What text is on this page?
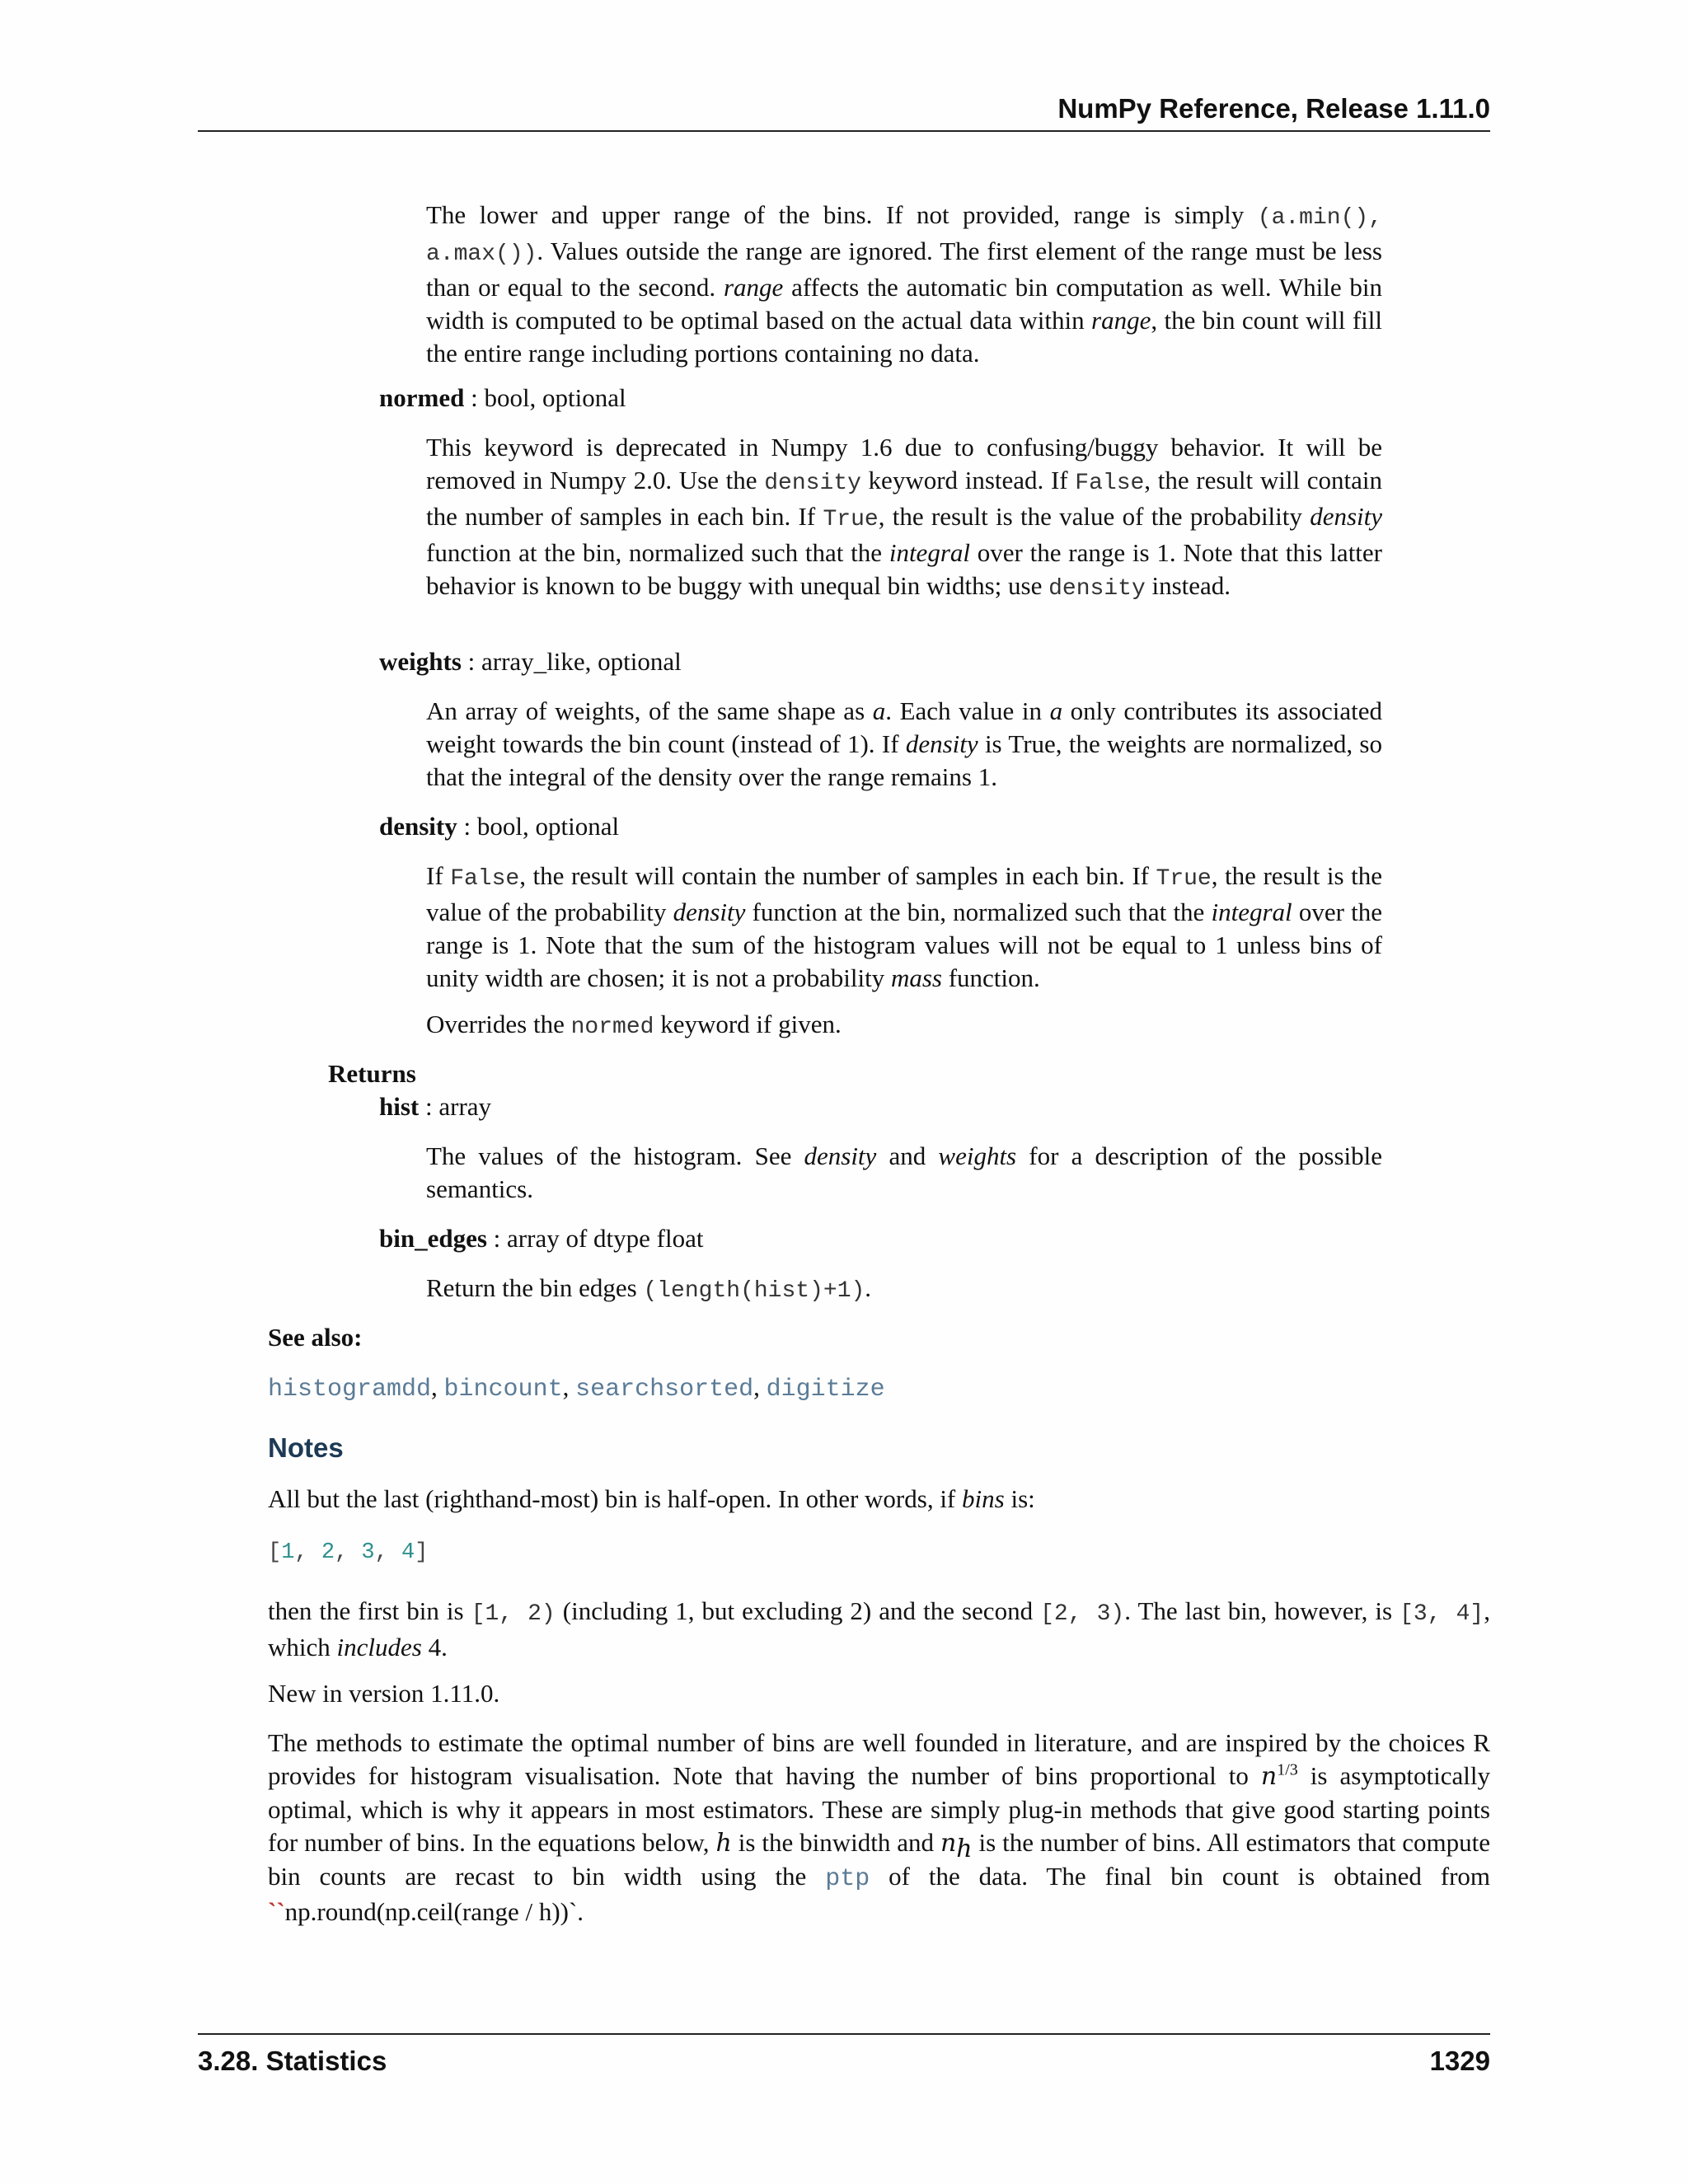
NumPy Reference, Release 1.11.0

The lower and upper range of the bins. If not provided, range is simply (a.min(), a.max()). Values outside the range are ignored. The first element of the range must be less than or equal to the second. range affects the automatic bin computation as well. While bin width is computed to be optimal based on the actual data within range, the bin count will fill the entire range including portions containing no data.

normed : bool, optional

This keyword is deprecated in Numpy 1.6 due to confusing/buggy behavior. It will be removed in Numpy 2.0. Use the density keyword instead. If False, the result will contain the number of samples in each bin. If True, the result is the value of the probability density function at the bin, normalized such that the integral over the range is 1. Note that this latter behavior is known to be buggy with unequal bin widths; use density instead.

weights : array_like, optional

An array of weights, of the same shape as a. Each value in a only contributes its associated weight towards the bin count (instead of 1). If density is True, the weights are normalized, so that the integral of the density over the range remains 1.

density : bool, optional

If False, the result will contain the number of samples in each bin. If True, the result is the value of the probability density function at the bin, normalized such that the integral over the range is 1. Note that the sum of the histogram values will not be equal to 1 unless bins of unity width are chosen; it is not a probability mass function.

Overrides the normed keyword if given.

Returns
hist : array

The values of the histogram. See density and weights for a description of the possible semantics.

bin_edges : array of dtype float

Return the bin edges (length(hist)+1).

See also:
histogramdd, bincount, searchsorted, digitize
Notes

All but the last (righthand-most) bin is half-open. In other words, if bins is:

[1, 2, 3, 4]

then the first bin is [1, 2) (including 1, but excluding 2) and the second [2, 3). The last bin, however, is [3, 4], which includes 4.

New in version 1.11.0.

The methods to estimate the optimal number of bins are well founded in literature, and are inspired by the choices R provides for histogram visualisation. Note that having the number of bins proportional to $n^{1/3}$ is asymptotically optimal, which is why it appears in most estimators. These are simply plug-in methods that give good starting points for number of bins. In the equations below, h is the binwidth and $n_h$ is the number of bins. All estimators that compute bin counts are recast to bin width using the ptp of the data. The final bin count is obtained from ``np.round(np.ceil(range / h))`.

3.28. Statistics	1329
